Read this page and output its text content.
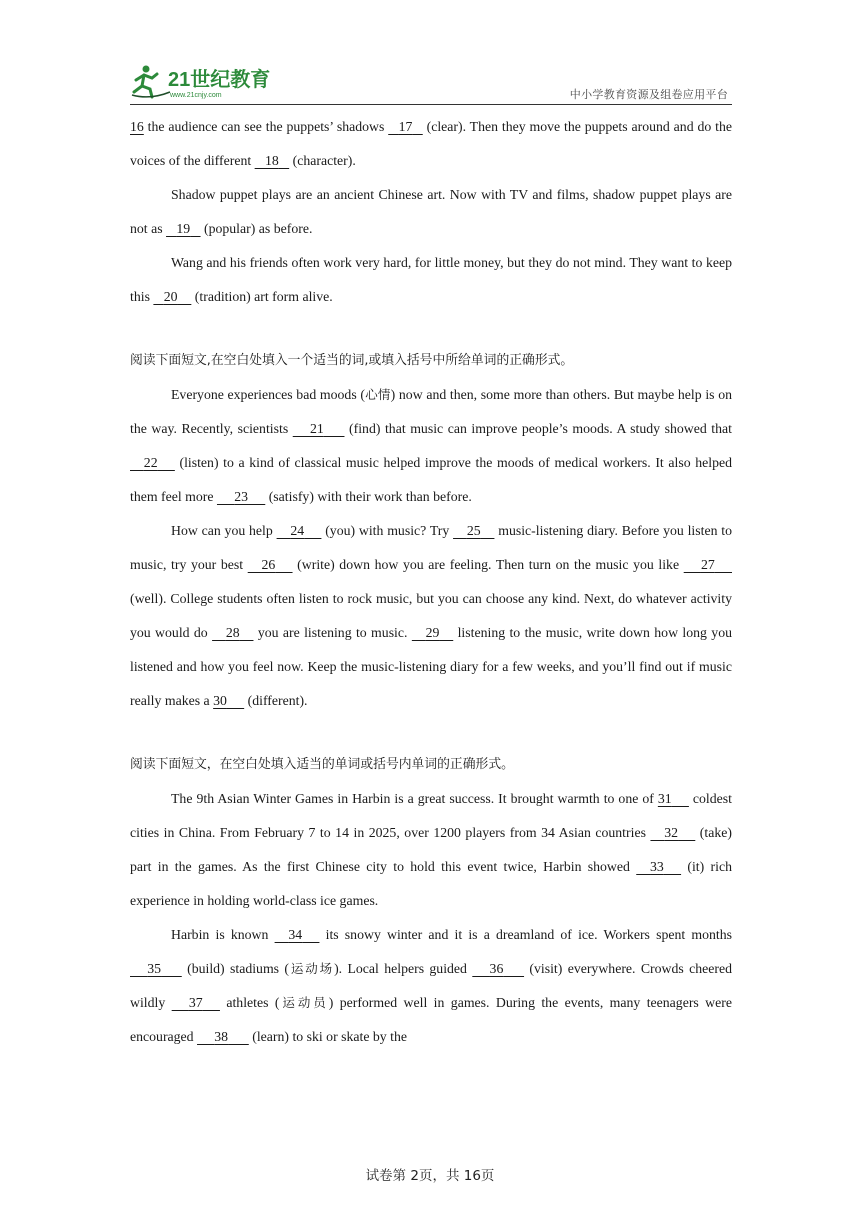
21世纪教育
www.21cnjy.com	中小学教育资源及组卷应用平台

16 the audience can see the puppets’ shadows    17    (clear). Then they move the puppets around and do the voices of the different    18    (character).

Shadow puppet plays are an ancient Chinese art. Now with TV and films, shadow puppet plays are not as    19    (popular) as before.

Wang and his friends often work very hard, for little money, but they do not mind. They want to keep this    20     (tradition) art form alive.

阅读下面短文,在空白处填入一个适当的词,或填入括号中所给单词的正确形式。

Everyone experiences bad moods (心情) now and then, some more than others. But maybe help is on the way. Recently, scientists      21       (find) that music can improve people’s moods. A study showed that     22      (listen) to a kind of classical music helped improve the moods of medical workers. It also helped them feel more      23      (satisfy) with their work than before.

How can you help     24      (you) with music? Try     25     music-listening diary. Before you listen to music, try your best     26      (write) down how you are feeling. Then turn on the music you like      27      (well). College students often listen to rock music, but you can choose any kind. Next, do whatever activity you would do     28     you are listening to music.     29     listening to the music, write down how long you listened and how you feel now. Keep the music-listening diary for a few weeks, and you’ll find out if music really makes a 30      (different).

阅读下面短文，在空白处填入适当的单词或括号内单词的正确形式。

The 9th Asian Winter Games in Harbin is a great success. It brought warmth to one of 31      coldest cities in China. From February 7 to 14 in 2025, over 1200 players from 34 Asian countries     32      (take) part in the games. As the first Chinese city to hold this event twice, Harbin showed     33      (it) rich experience in holding world-class ice games.

Harbin is known     34      its snowy winter and it is a dreamland of ice. Workers spent months      35       (build) stadiums (运动场). Local helpers guided      36       (visit) everywhere. Crowds cheered wildly      37      athletes (运动员) performed well in games. During the events, many teenagers were encouraged      38       (learn) to ski or skate by the

试卷第 2页，共 16页
